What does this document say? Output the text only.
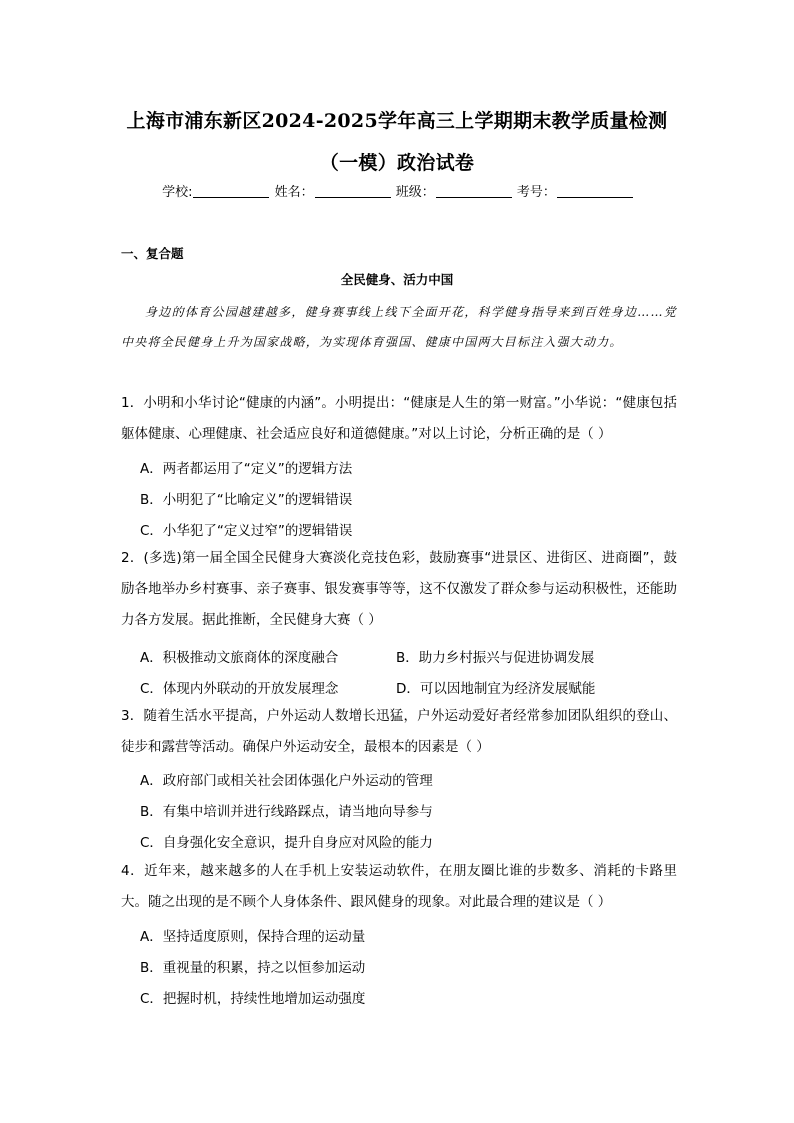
上海市浦东新区2024-2025学年高三上学期期末教学质量检测
（一模）政治试卷
学校:	姓名：	班级：	考号：
一、复合题
全民健身、活力中国
身边的体育公园越建越多，健身赛事线上线下全面开花，科学健身指导来到百姓身边……党中央将全民健身上升为国家战略，为实现体育强国、健康中国两大目标注入强大动力。
1．小明和小华讨论“健康的内涵”。小明提出：“健康是人生的第一财富。”小华说：“健康包括躯体健康、心理健康、社会适应良好和道德健康。”对以上讨论，分析正确的是（ ）
A．两者都运用了“定义”的逻辑方法
B．小明犯了“比喻定义”的逻辑错误
C．小华犯了“定义过窄”的逻辑错误
2．(多选)第一届全国全民健身大赛淡化竞技色彩，鼓励赛事“进景区、进街区、进商圈”，鼓励各地举办乡村赛事、亲子赛事、银发赛事等等，这不仅激发了群众参与运动积极性，还能助力各方发展。据此推断，全民健身大赛（ ）
A．积极推动文旅商体的深度融合	B．助力乡村振兴与促进协调发展
C．体现内外联动的开放发展理念	D．可以因地制宜为经济发展赋能
3．随着生活水平提高，户外运动人数增长迅猛，户外运动爱好者经常参加团队组织的登山、徒步和露营等活动。确保户外运动安全，最根本的因素是（ ）
A．政府部门或相关社会团体强化户外运动的管理
B．有集中培训并进行线路踩点，请当地向导参与
C．自身强化安全意识，提升自身应对风险的能力
4．近年来，越来越多的人在手机上安装运动软件，在朋友圈比谁的步数多、消耗的卡路里大。随之出现的是不顾个人身体条件、跟风健身的现象。对此最合理的建议是（ ）
A．坚持适度原则，保持合理的运动量
B．重视量的积累，持之以恒参加运动
C．把握时机，持续性地增加运动强度
